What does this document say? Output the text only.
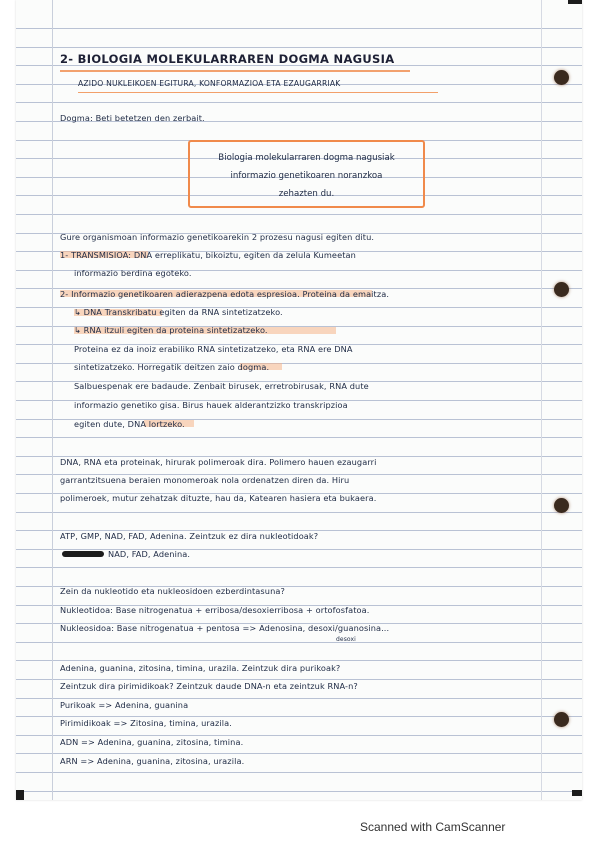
2- BIOLOGIA MOLEKULARRAREN DOGMA NAGUSIA
AZIDO NUKLEIKOEN EGITURA, KONFORMAZIOA ETA EZAUGARRIAK
Dogma: Beti betetzen den zerbait.
Biologia molekularraren dogma nagusiak
informazio genetikoaren noranzkoa
zehazten du.
Gure organismoan informazio genetikoarekin 2 prozesu nagusi egiten ditu.
1- TRANSMISIOA: DNA erreplikatu, bikoiztu, egiten da zelula Kumeetan
informazio berdina egoteko.
2- Informazio genetikoaren adierazpena edota espresioa. Proteina da emaitza.
↳ DNA Transkribatu egiten da RNA sintetizatzeko.
↳ RNA itzuli egiten da proteina sintetizatzeko.
Proteina ez da inoiz erabiliko RNA sintetizatzeko, eta RNA ere DNA
sintetizatzeko. Horregatik deitzen zaio dogma.
Salbuespenak ere badaude. Zenbait birusek, erretrobirusak, RNA dute
informazio genetiko gisa. Birus hauek alderantzizko transkripzioa
egiten dute, DNA lortzeko.
DNA, RNA eta proteinak, hirurak polimeroak dira. Polimero hauen ezaugarri
garrantzitsuena beraien monomeroak nola ordenatzen diren da. Hiru
polimeroek, mutur zehatzak dituzte, hau da, Katearen hasiera eta bukaera.
ATP, GMP, NAD, FAD, Adenina. Zeintzuk ez dira nukleotidoak?
NAD, FAD, Adenina.
Zein da nukleotido eta nukleosidoen ezberdintasuna?
Nukleotidoa: Base nitrogenatua + erribosa/desoxierribosa + ortofosfatoa.
Nukleosidoa: Base nitrogenatua + pentosa => Adenosina, desoxi/guanosina...
desoxi
Adenina, guanina, zitosina, timina, urazila. Zeintzuk dira purikoak?
Zeintzuk dira pirimidikoak? Zeintzuk daude DNA-n eta zeintzuk RNA-n?
Purikoak => Adenina, guanina
Pirimidikoak => Zitosina, timina, urazila.
ADN => Adenina, guanina, zitosina, timina.
ARN => Adenina, guanina, zitosina, urazila.
Scanned with CamScanner
